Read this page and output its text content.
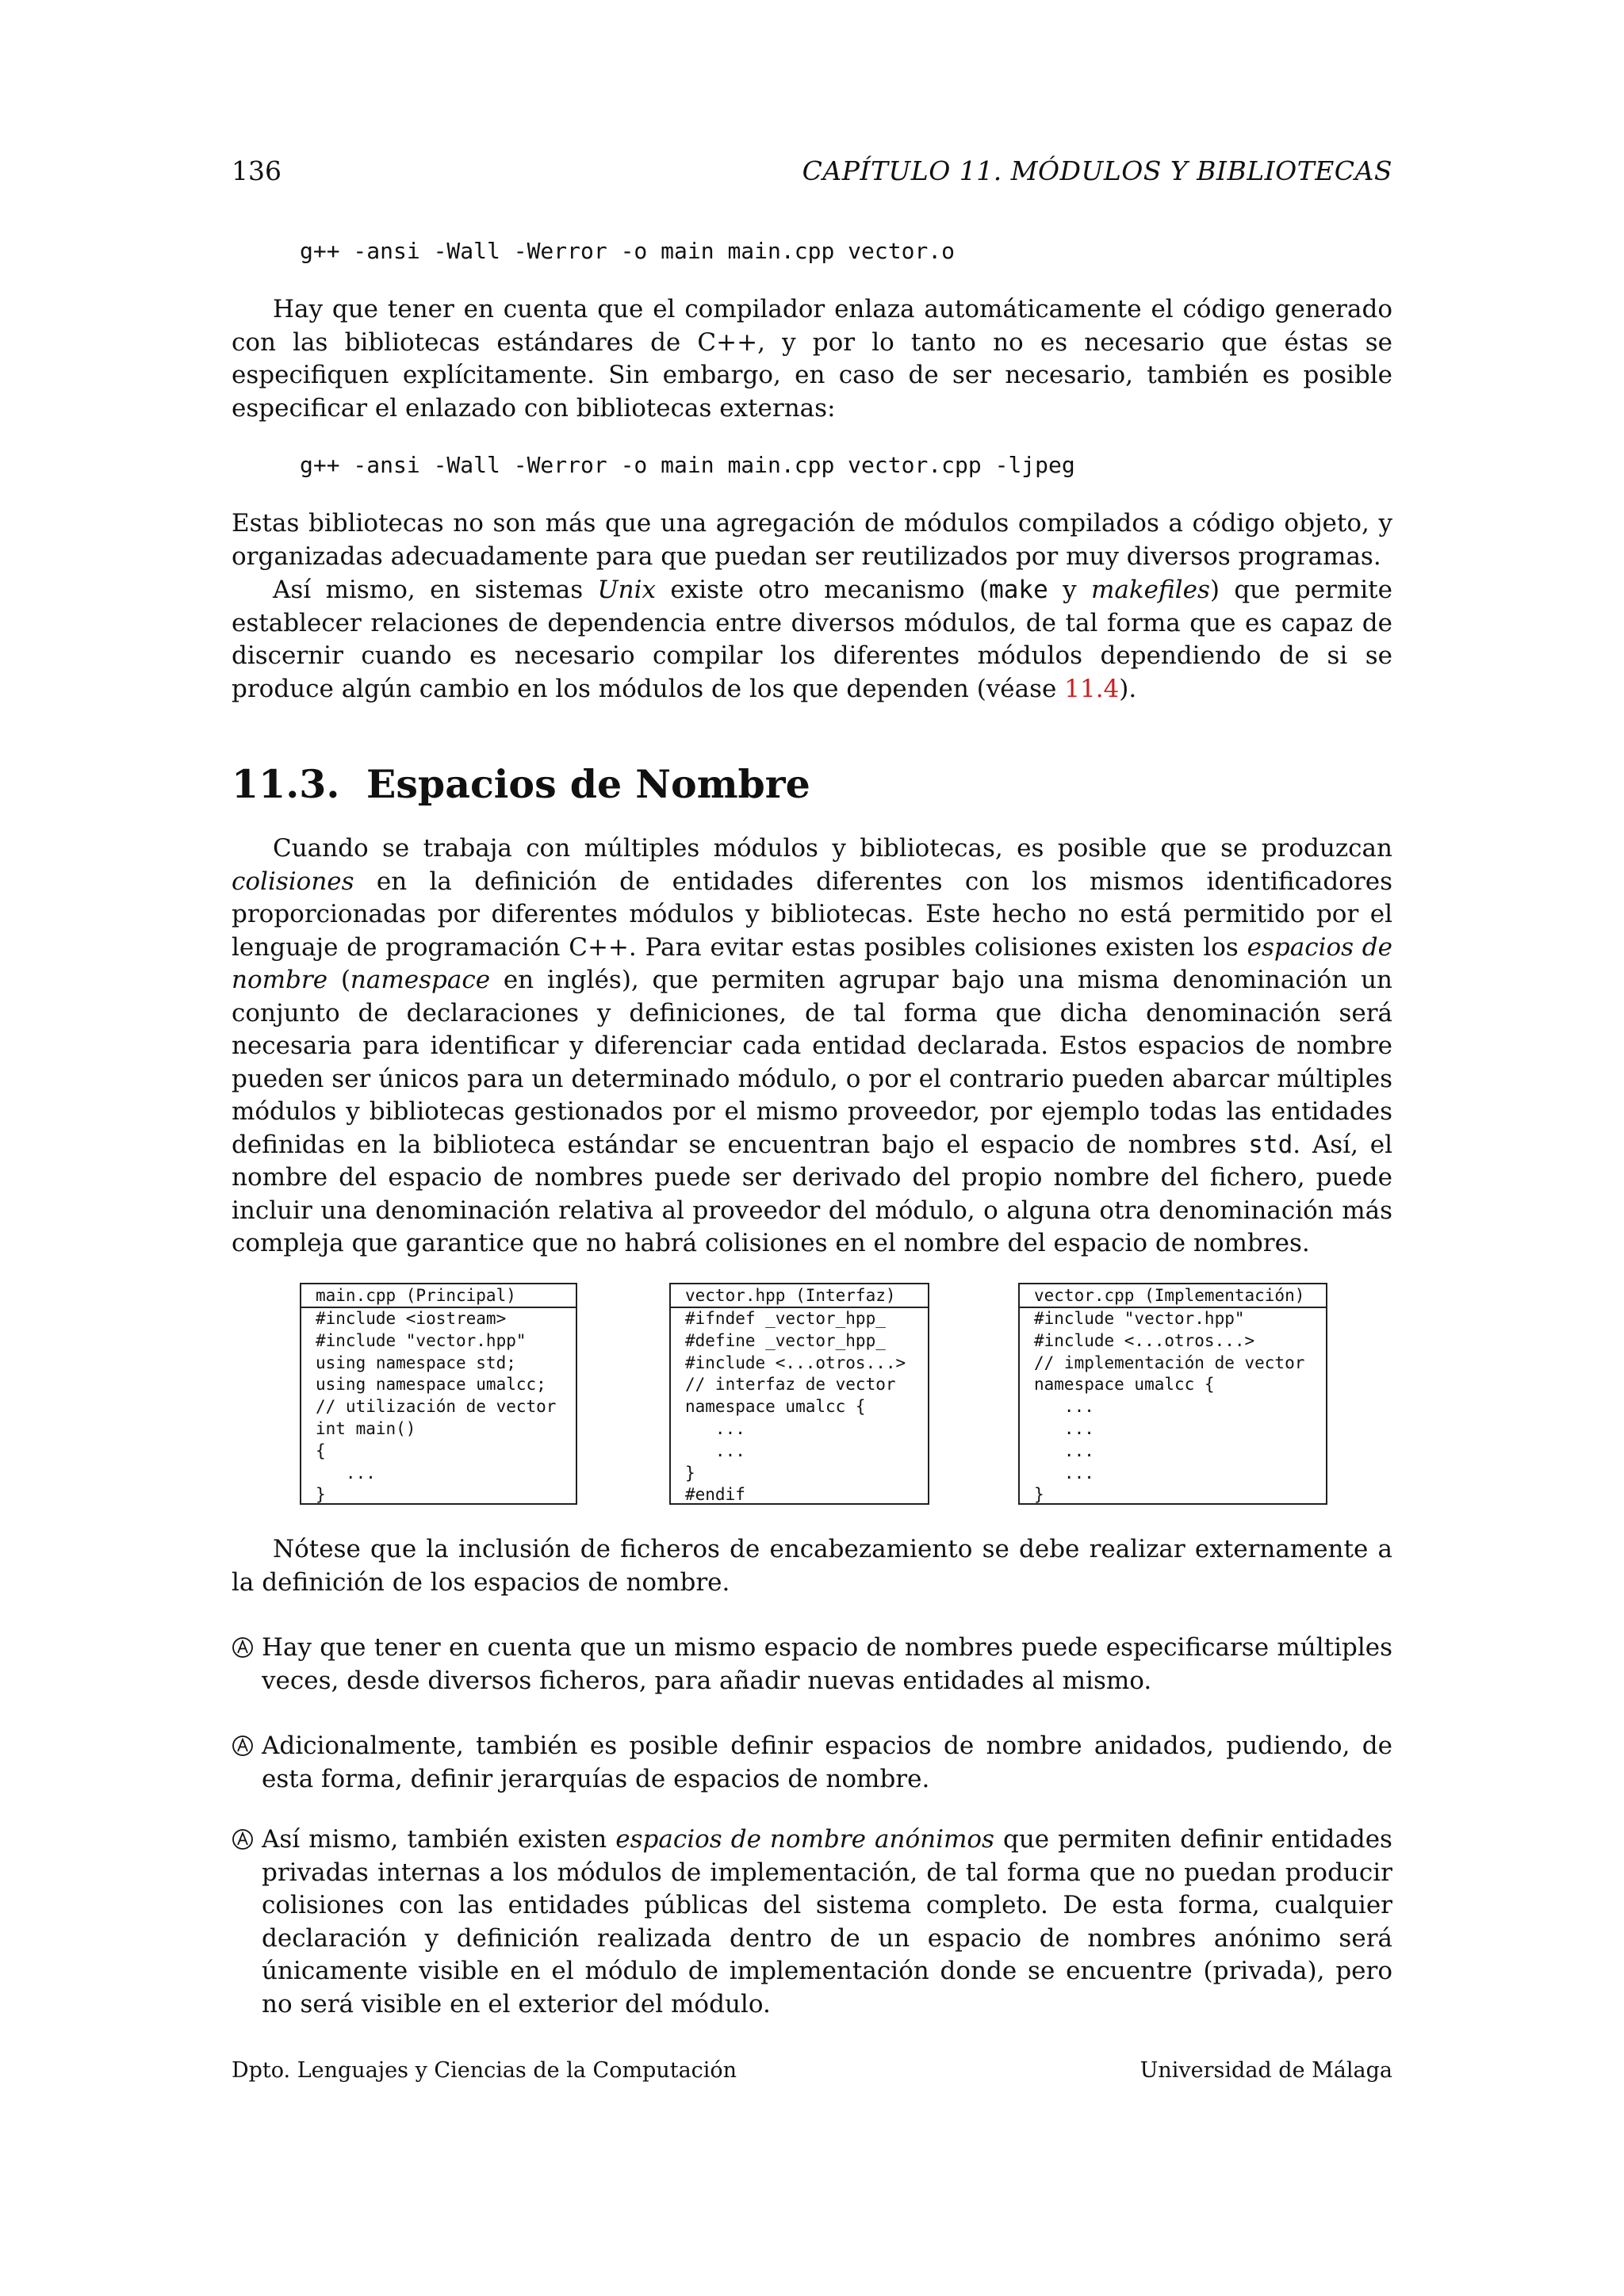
136	CAPÍTULO 11. MÓDULOS Y BIBLIOTECAS
g++ -ansi -Wall -Werror -o main main.cpp vector.o
Hay que tener en cuenta que el compilador enlaza automáticamente el código generado con las bibliotecas estándares de C++, y por lo tanto no es necesario que éstas se especifiquen explícitamente. Sin embargo, en caso de ser necesario, también es posible especificar el enlazado con bibliotecas externas:
g++ -ansi -Wall -Werror -o main main.cpp vector.cpp -ljpeg
Estas bibliotecas no son más que una agregación de módulos compilados a código objeto, y organizadas adecuadamente para que puedan ser reutilizados por muy diversos programas.
Así mismo, en sistemas Unix existe otro mecanismo (make y makefiles) que permite establecer relaciones de dependencia entre diversos módulos, de tal forma que es capaz de discernir cuando es necesario compilar los diferentes módulos dependiendo de si se produce algún cambio en los módulos de los que dependen (véase 11.4).
11.3. Espacios de Nombre
Cuando se trabaja con múltiples módulos y bibliotecas, es posible que se produzcan colisiones en la definición de entidades diferentes con los mismos identificadores proporcionadas por diferentes módulos y bibliotecas. Este hecho no está permitido por el lenguaje de programación C++. Para evitar estas posibles colisiones existen los espacios de nombre (namespace en inglés), que permiten agrupar bajo una misma denominación un conjunto de declaraciones y definiciones, de tal forma que dicha denominación será necesaria para identificar y diferenciar cada entidad declarada. Estos espacios de nombre pueden ser únicos para un determinado módulo, o por el contrario pueden abarcar múltiples módulos y bibliotecas gestionados por el mismo proveedor, por ejemplo todas las entidades definidas en la biblioteca estándar se encuentran bajo el espacio de nombres std. Así, el nombre del espacio de nombres puede ser derivado del propio nombre del fichero, puede incluir una denominación relativa al proveedor del módulo, o alguna otra denominación más compleja que garantice que no habrá colisiones en el nombre del espacio de nombres.
main.cpp (Principal)
#include <iostream>
#include "vector.hpp"
using namespace std;
using namespace umalcc;
// utilización de vector
int main()
{
...
}
vector.hpp (Interfaz)
#ifndef _vector_hpp_
#define _vector_hpp_
#include <...otros...>
// interfaz de vector
namespace umalcc {
...
...
}
#endif
vector.cpp (Implementación)
#include "vector.hpp"
#include <...otros...>
// implementación de vector
namespace umalcc {
...
...
...
...
}
Nótese que la inclusión de ficheros de encabezamiento se debe realizar externamente a la definición de los espacios de nombre.
Hay que tener en cuenta que un mismo espacio de nombres puede especificarse múltiples veces, desde diversos ficheros, para añadir nuevas entidades al mismo.
Adicionalmente, también es posible definir espacios de nombre anidados, pudiendo, de esta forma, definir jerarquías de espacios de nombre.
Así mismo, también existen espacios de nombre anónimos que permiten definir entidades privadas internas a los módulos de implementación, de tal forma que no puedan producir colisiones con las entidades públicas del sistema completo. De esta forma, cualquier declaración y definición realizada dentro de un espacio de nombres anónimo será únicamente visible en el módulo de implementación donde se encuentre (privada), pero no será visible en el exterior del módulo.
Dpto. Lenguajes y Ciencias de la Computación	Universidad de Málaga
